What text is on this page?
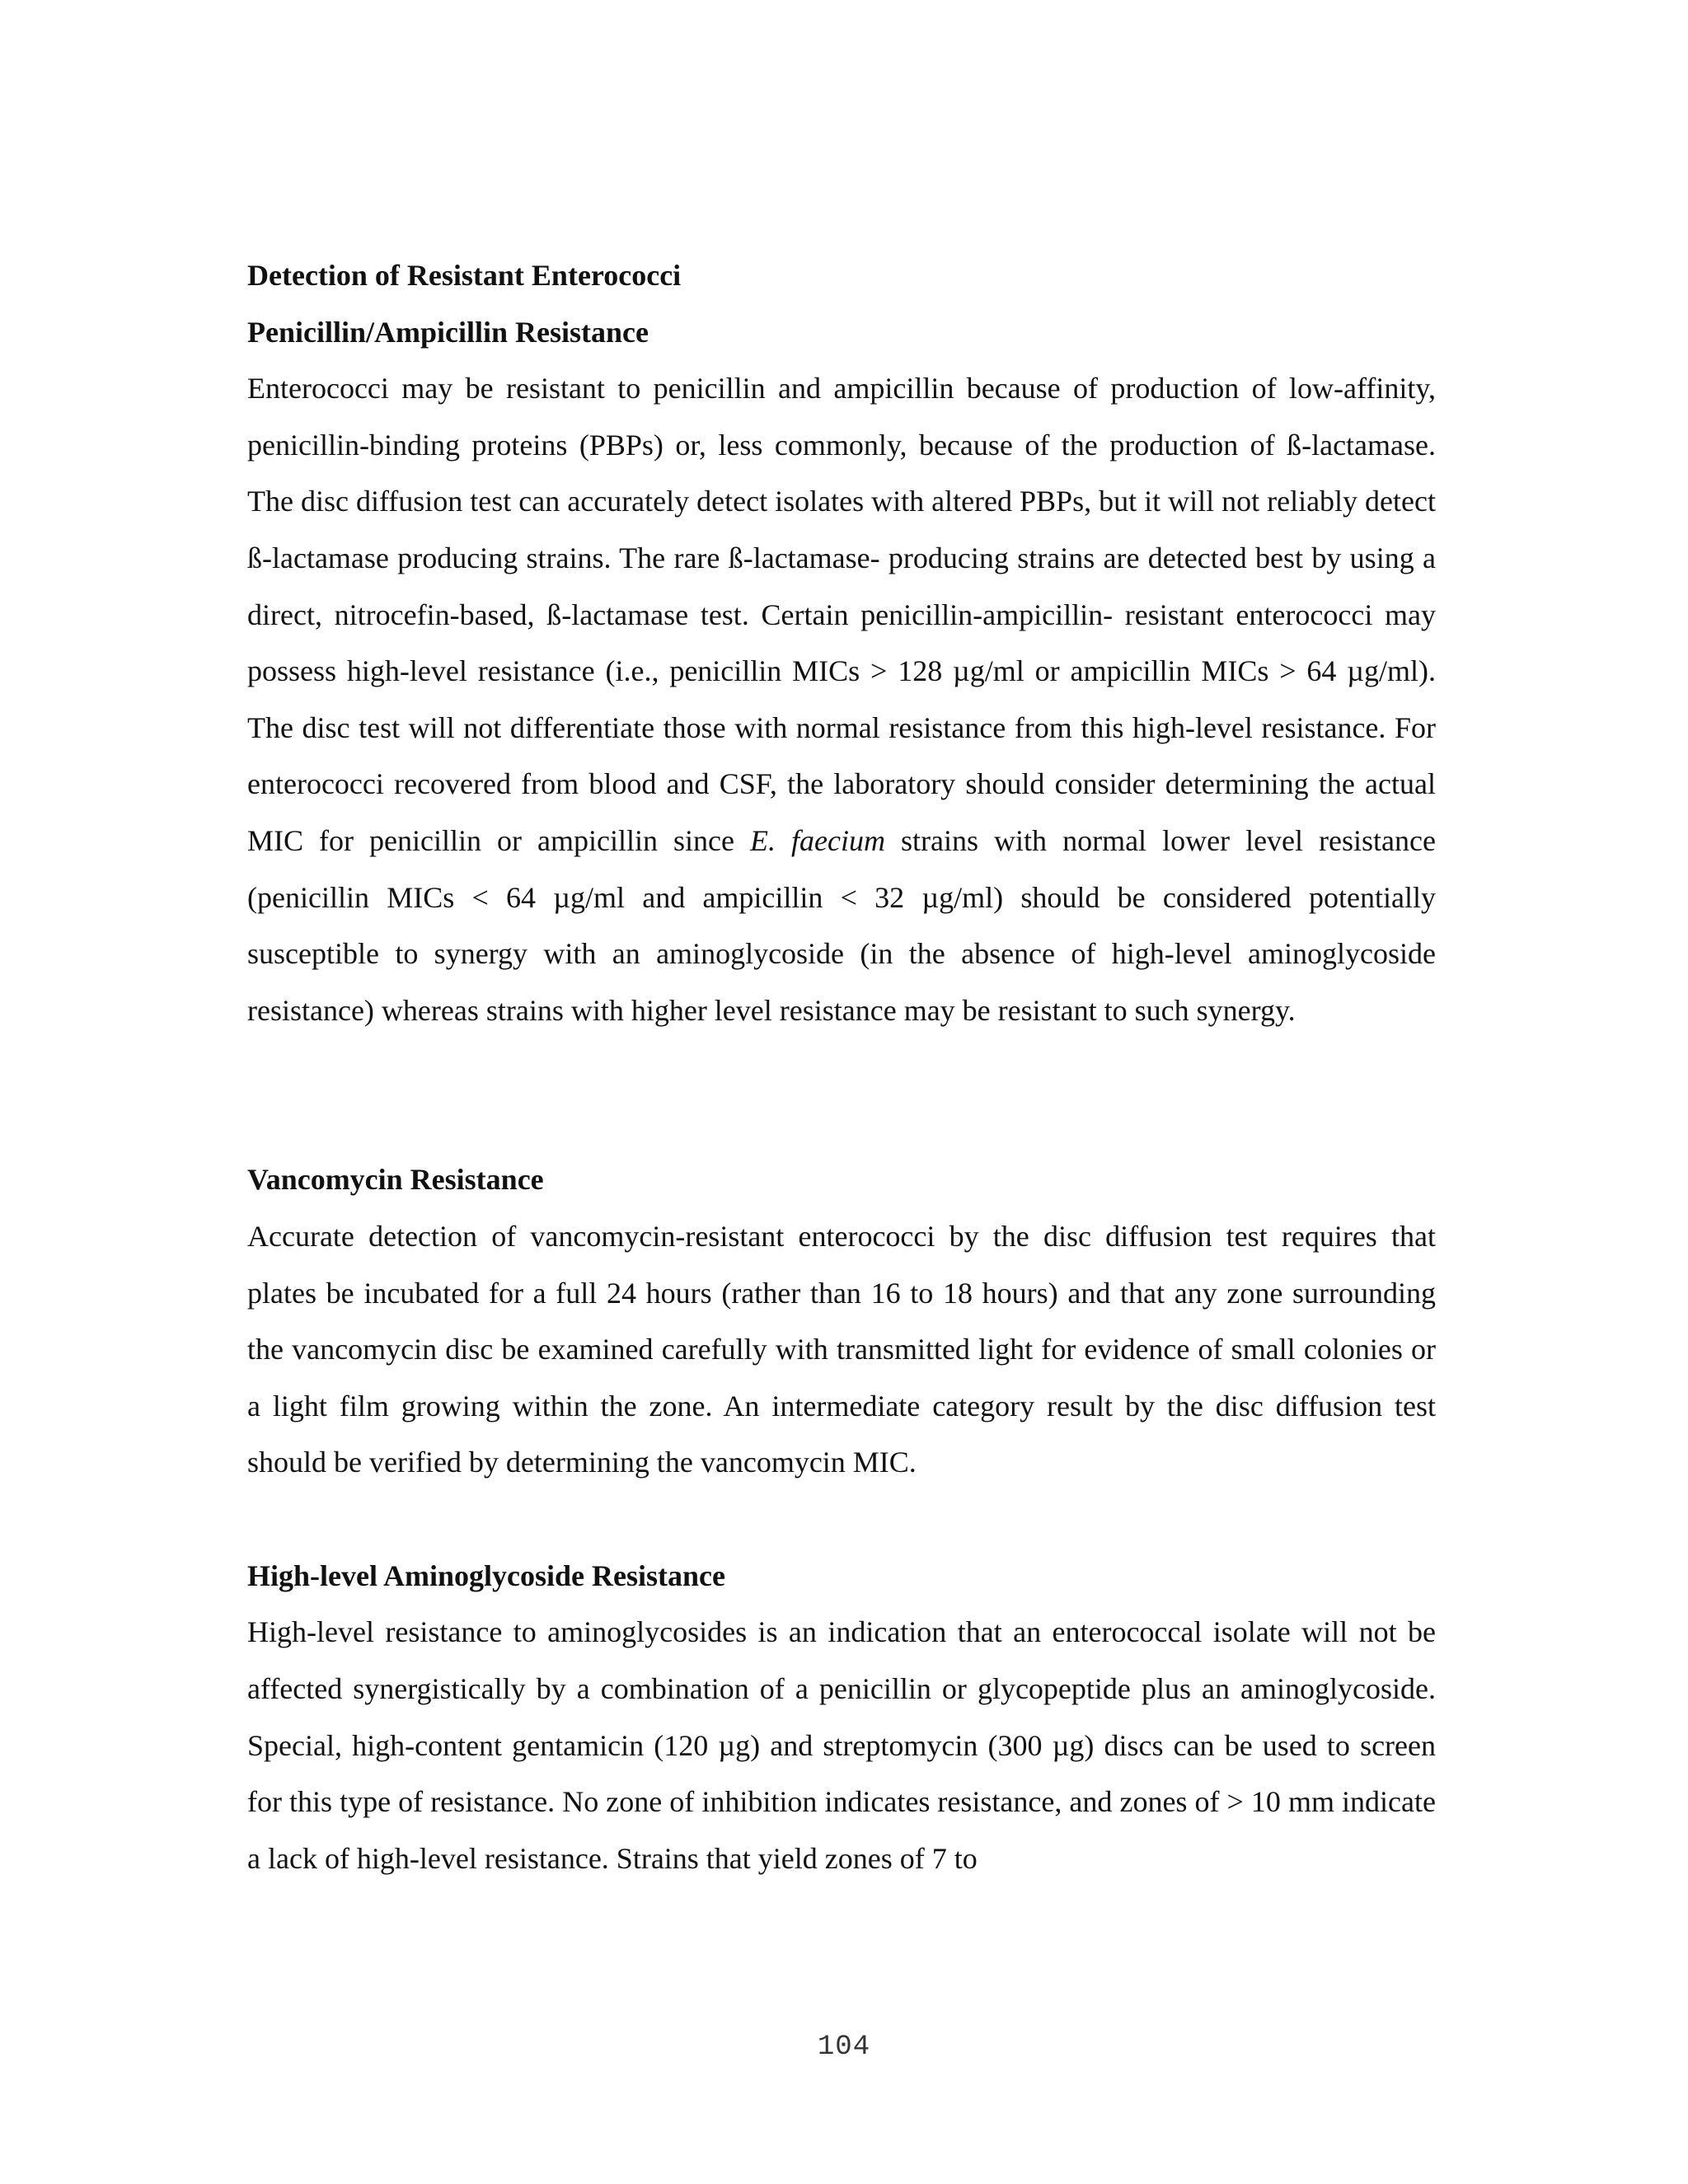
Detection of Resistant Enterococci
Penicillin/Ampicillin Resistance

Enterococci may be resistant to penicillin and ampicillin because of production of low-affinity, penicillin-binding proteins (PBPs) or, less commonly, because of the production of ß-lactamase. The disc diffusion test can accurately detect isolates with altered PBPs, but it will not reliably detect ß-lactamase producing strains. The rare ß-lactamase- producing strains are detected best by using a direct, nitrocefin-based, ß-lactamase test. Certain penicillin-ampicillin- resistant enterococci may possess high-level resistance (i.e., penicillin MICs > 128 µg/ml or ampicillin MICs > 64 µg/ml). The disc test will not differentiate those with normal resistance from this high-level resistance. For enterococci recovered from blood and CSF, the laboratory should consider determining the actual MIC for penicillin or ampicillin since E. faecium strains with normal lower level resistance (penicillin MICs < 64 µg/ml and ampicillin < 32 µg/ml) should be considered potentially susceptible to synergy with an aminoglycoside (in the absence of high-level aminoglycoside resistance) whereas strains with higher level resistance may be resistant to such synergy.

Vancomycin Resistance

Accurate detection of vancomycin-resistant enterococci by the disc diffusion test requires that plates be incubated for a full 24 hours (rather than 16 to 18 hours) and that any zone surrounding the vancomycin disc be examined carefully with transmitted light for evidence of small colonies or a light film growing within the zone. An intermediate category result by the disc diffusion test should be verified by determining the vancomycin MIC.

High-level Aminoglycoside Resistance

High-level resistance to aminoglycosides is an indication that an enterococcal isolate will not be affected synergistically by a combination of a penicillin or glycopeptide plus an aminoglycoside. Special, high-content gentamicin (120 µg) and streptomycin (300 µg) discs can be used to screen for this type of resistance. No zone of inhibition indicates resistance, and zones of > 10 mm indicate a lack of high-level resistance. Strains that yield zones of 7 to

104
